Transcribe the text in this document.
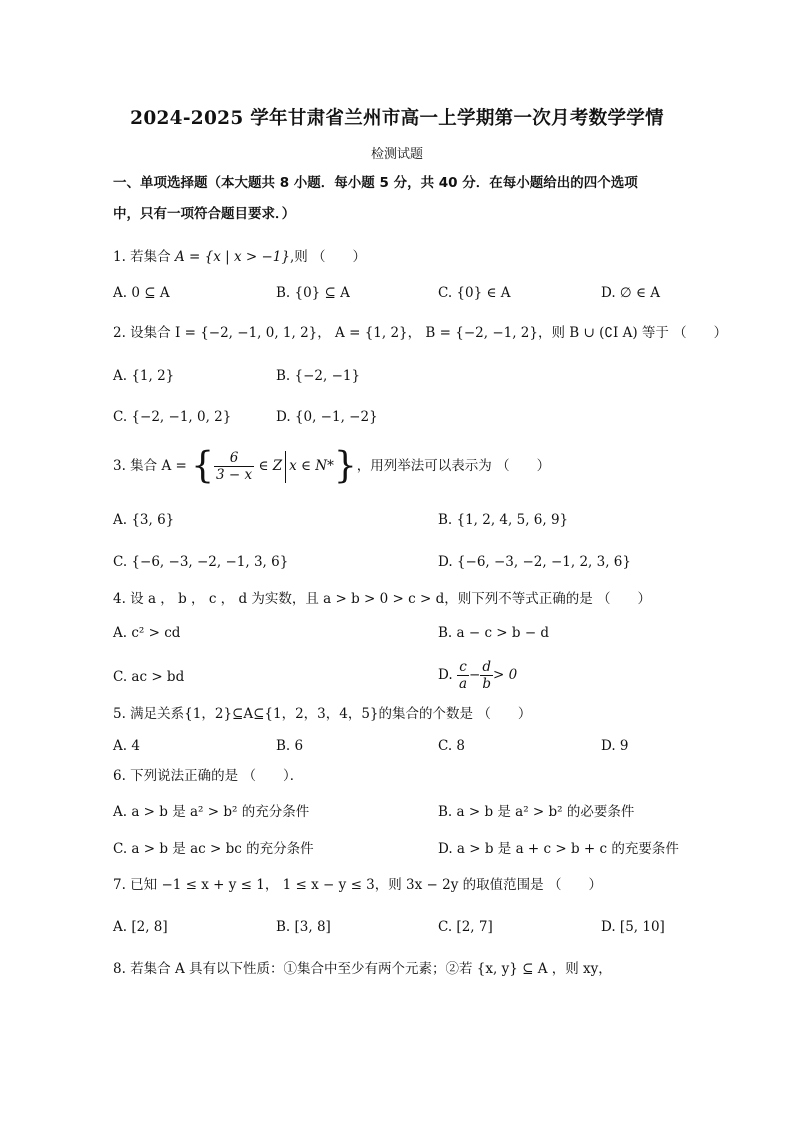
2024-2025 学年甘肃省兰州市高一上学期第一次月考数学学情
检测试题
一、单项选择题（本大题共 8 小题．每小题 5 分，共 40 分．在每小题给出的四个选项
中，只有一项符合题目要求．）
1. 若集合 A = {x | x > −1},则 （　　）
A. 0 ⊆ A	B. {0} ⊆ A	C. {0} ∈ A	D. ∅ ∈ A
2. 设集合 I = {−2, −1, 0, 1, 2}， A = {1, 2}， B = {−2, −1, 2}，则 B ∪ (∁I A) 等于 （　　）
A. {1, 2}	B. {−2, −1}
C. {−2, −1, 0, 2}	D. {0, −1, −2}
3. 集合 A = { $\frac{6}{3 - x}$ ∈ Z x ∈ N*}，用列举法可以表示为 （　　）
A. {3, 6}	B. {1, 2, 4, 5, 6, 9}
C. {−6, −3, −2, −1, 3, 6}	D. {−6, −3, −2, −1, 2, 3, 6}
4. 设 a ， b ， c ， d 为实数，且 a > b > 0 > c > d，则下列不等式正确的是 （　　）
A. c² > cd	B. a − c > b − d
C. ac > bd	D. $\frac{c}{a} - \frac{d}{b} > 0$
5. 满足关系{1，2}⊆A⊆{1，2，3，4，5}的集合的个数是 （　　）
A. 4	B. 6	C. 8	D. 9
6. 下列说法正确的是 （　　）．
A. a > b 是 a² > b² 的充分条件	B. a > b 是 a² > b² 的必要条件
C. a > b 是 ac > bc 的充分条件	D. a > b 是 a + c > b + c 的充要条件
7. 已知 −1 ≤ x + y ≤ 1， 1 ≤ x − y ≤ 3，则 3x − 2y 的取值范围是 （　　）
A. [2, 8]	B. [3, 8]	C. [2, 7]	D. [5, 10]
8. 若集合 A 具有以下性质：①集合中至少有两个元素；②若 {x, y} ⊆ A ，则 xy，
